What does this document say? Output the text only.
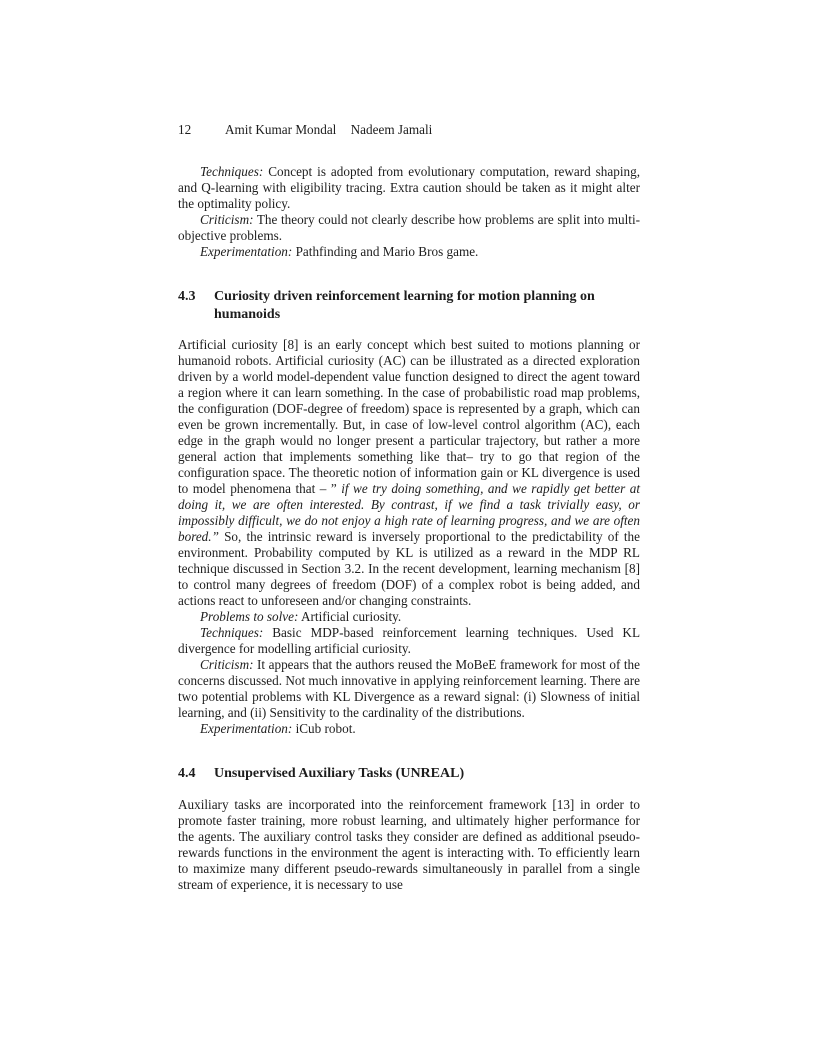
12	Amit Kumar Mondal Nadeem Jamali

Techniques: Concept is adopted from evolutionary computation, reward shaping, and Q-learning with eligibility tracing. Extra caution should be taken as it might alter the optimality policy.

Criticism: The theory could not clearly describe how problems are split into multi-objective problems.

Experimentation: Pathfinding and Mario Bros game.

4.3	Curiosity driven reinforcement learning for motion planning on humanoids

Artificial curiosity [8] is an early concept which best suited to motions planning or humanoid robots. Artificial curiosity (AC) can be illustrated as a directed exploration driven by a world model-dependent value function designed to direct the agent toward a region where it can learn something. In the case of probabilistic road map problems, the configuration (DOF-degree of freedom) space is represented by a graph, which can even be grown incrementally. But, in case of low-level control algorithm (AC), each edge in the graph would no longer present a particular trajectory, but rather a more general action that implements something like that– try to go that region of the configuration space. The theoretic notion of information gain or KL divergence is used to model phenomena that – ” if we try doing something, and we rapidly get better at doing it, we are often interested. By contrast, if we find a task trivially easy, or impossibly difficult, we do not enjoy a high rate of learning progress, and we are often bored.” So, the intrinsic reward is inversely proportional to the predictability of the environment. Probability computed by KL is utilized as a reward in the MDP RL technique discussed in Section 3.2. In the recent development, learning mechanism [8] to control many degrees of freedom (DOF) of a complex robot is being added, and actions react to unforeseen and/or changing constraints.

Problems to solve: Artificial curiosity.

Techniques: Basic MDP-based reinforcement learning techniques. Used KL divergence for modelling artificial curiosity.

Criticism: It appears that the authors reused the MoBeE framework for most of the concerns discussed. Not much innovative in applying reinforcement learning. There are two potential problems with KL Divergence as a reward signal: (i) Slowness of initial learning, and (ii) Sensitivity to the cardinality of the distributions.

Experimentation: iCub robot.

4.4	Unsupervised Auxiliary Tasks (UNREAL)

Auxiliary tasks are incorporated into the reinforcement framework [13] in order to promote faster training, more robust learning, and ultimately higher performance for the agents. The auxiliary control tasks they consider are defined as additional pseudo-rewards functions in the environment the agent is interacting with. To efficiently learn to maximize many different pseudo-rewards simultaneously in parallel from a single stream of experience, it is necessary to use
